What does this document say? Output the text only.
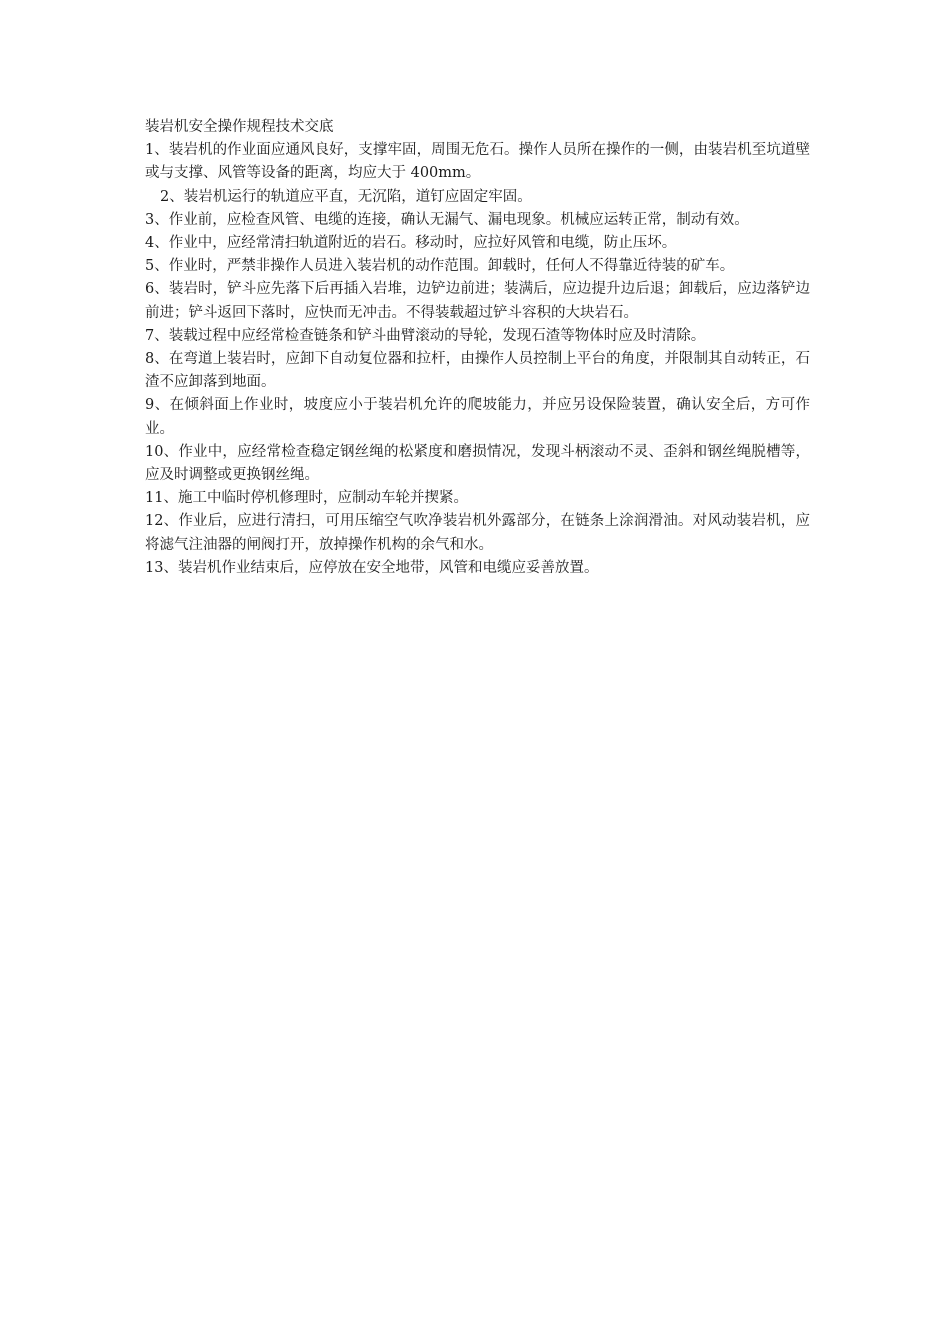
装岩机安全操作规程技术交底

1、装岩机的作业面应通风良好，支撑牢固，周围无危石。操作人员所在操作的一侧，由装岩机至坑道壁或与支撑、风管等设备的距离，均应大于 400mm。

2、装岩机运行的轨道应平直，无沉陷，道钉应固定牢固。

3、作业前，应检查风管、电缆的连接，确认无漏气、漏电现象。机械应运转正常，制动有效。

4、作业中，应经常清扫轨道附近的岩石。移动时，应拉好风管和电缆，防止压坏。

5、作业时，严禁非操作人员进入装岩机的动作范围。卸载时，任何人不得靠近待装的矿车。

6、装岩时，铲斗应先落下后再插入岩堆，边铲边前进；装满后，应边提升边后退；卸载后，应边落铲边前进；铲斗返回下落时，应快而无冲击。不得装载超过铲斗容积的大块岩石。

7、装载过程中应经常检查链条和铲斗曲臂滚动的导轮，发现石渣等物体时应及时清除。

8、在弯道上装岩时，应卸下自动复位器和拉杆，由操作人员控制上平台的角度，并限制其自动转正，石渣不应卸落到地面。

9、在倾斜面上作业时，坡度应小于装岩机允许的爬坡能力，并应另设保险装置，确认安全后，方可作业。

10、作业中，应经常检查稳定钢丝绳的松紧度和磨损情况，发现斗柄滚动不灵、歪斜和钢丝绳脱槽等，应及时调整或更换钢丝绳。

11、施工中临时停机修理时，应制动车轮并揳紧。

12、作业后，应进行清扫，可用压缩空气吹净装岩机外露部分，在链条上涂润滑油。对风动装岩机，应将滤气注油器的闸阀打开，放掉操作机构的余气和水。

13、装岩机作业结束后，应停放在安全地带，风管和电缆应妥善放置。
